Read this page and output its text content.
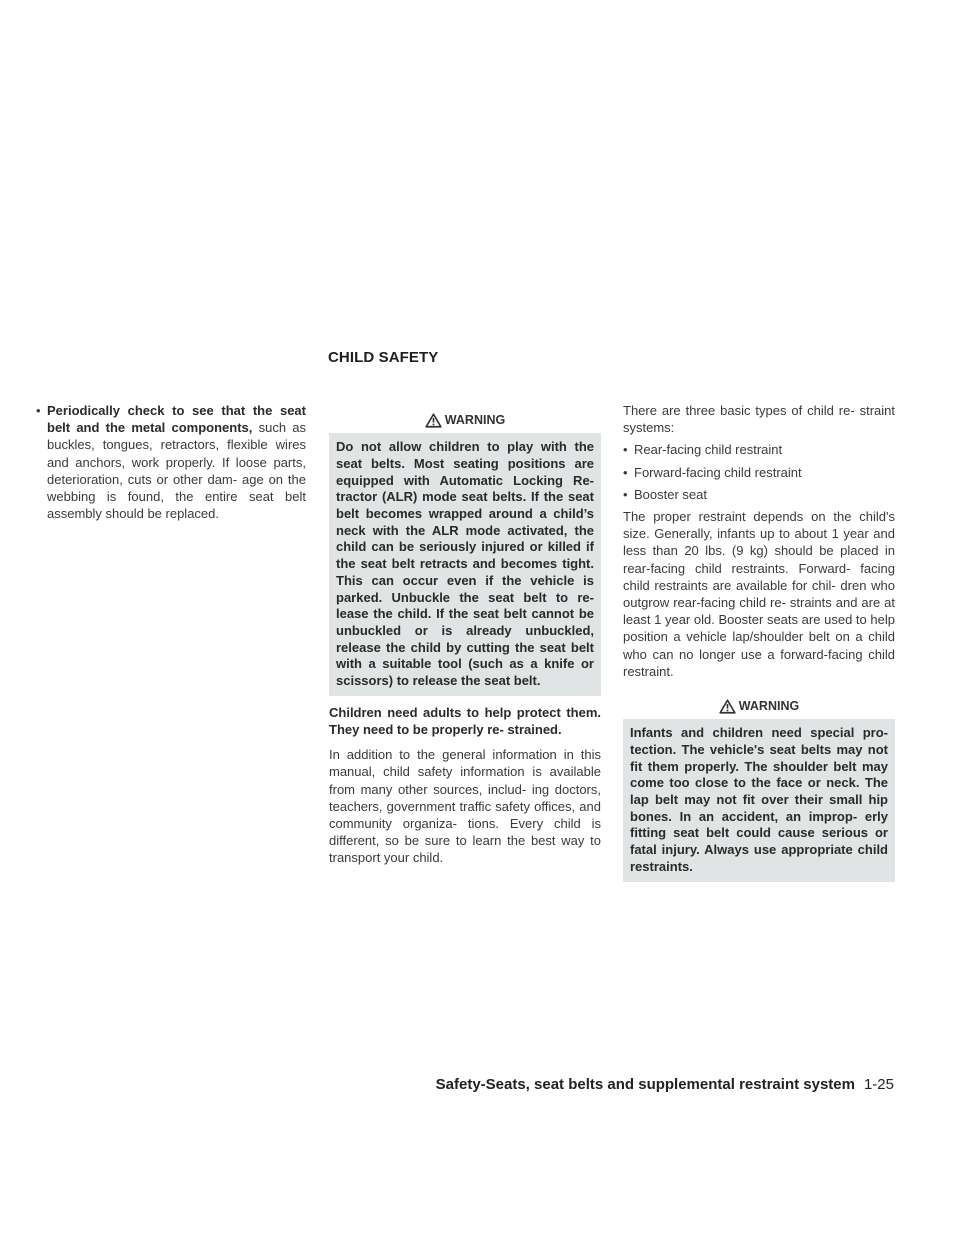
CHILD SAFETY
• Periodically check to see that the seat belt and the metal components, such as buckles, tongues, retractors, flexible wires and anchors, work properly. If loose parts, deterioration, cuts or other dam- age on the webbing is found, the entire seat belt assembly should be replaced.
WARNING
Do not allow children to play with the seat belts. Most seating positions are equipped with Automatic Locking Re- tractor (ALR) mode seat belts. If the seat belt becomes wrapped around a child’s neck with the ALR mode activated, the child can be seriously injured or killed if the seat belt retracts and becomes tight. This can occur even if the vehicle is parked. Unbuckle the seat belt to re- lease the child. If the seat belt cannot be unbuckled or is already unbuckled, release the child by cutting the seat belt with a suitable tool (such as a knife or scissors) to release the seat belt.
Children need adults to help protect them. They need to be properly re- strained.
In addition to the general information in this manual, child safety information is available from many other sources, includ- ing doctors, teachers, government traffic safety offices, and community organiza- tions. Every child is different, so be sure to learn the best way to transport your child.
There are three basic types of child re- straint systems:
• Rear-facing child restraint
• Forward-facing child restraint
• Booster seat
The proper restraint depends on the child's size. Generally, infants up to about 1 year and less than 20 lbs. (9 kg) should be placed in rear-facing child restraints. Forward- facing child restraints are available for chil- dren who outgrow rear-facing child re- straints and are at least 1 year old. Booster seats are used to help position a vehicle lap/shoulder belt on a child who can no longer use a forward-facing child restraint.
WARNING
Infants and children need special pro- tection. The vehicle's seat belts may not fit them properly. The shoulder belt may come too close to the face or neck. The lap belt may not fit over their small hip bones. In an accident, an improp- erly fitting seat belt could cause serious or fatal injury. Always use appropriate child restraints.
Safety-Seats, seat belts and supplemental restraint system 1-25
